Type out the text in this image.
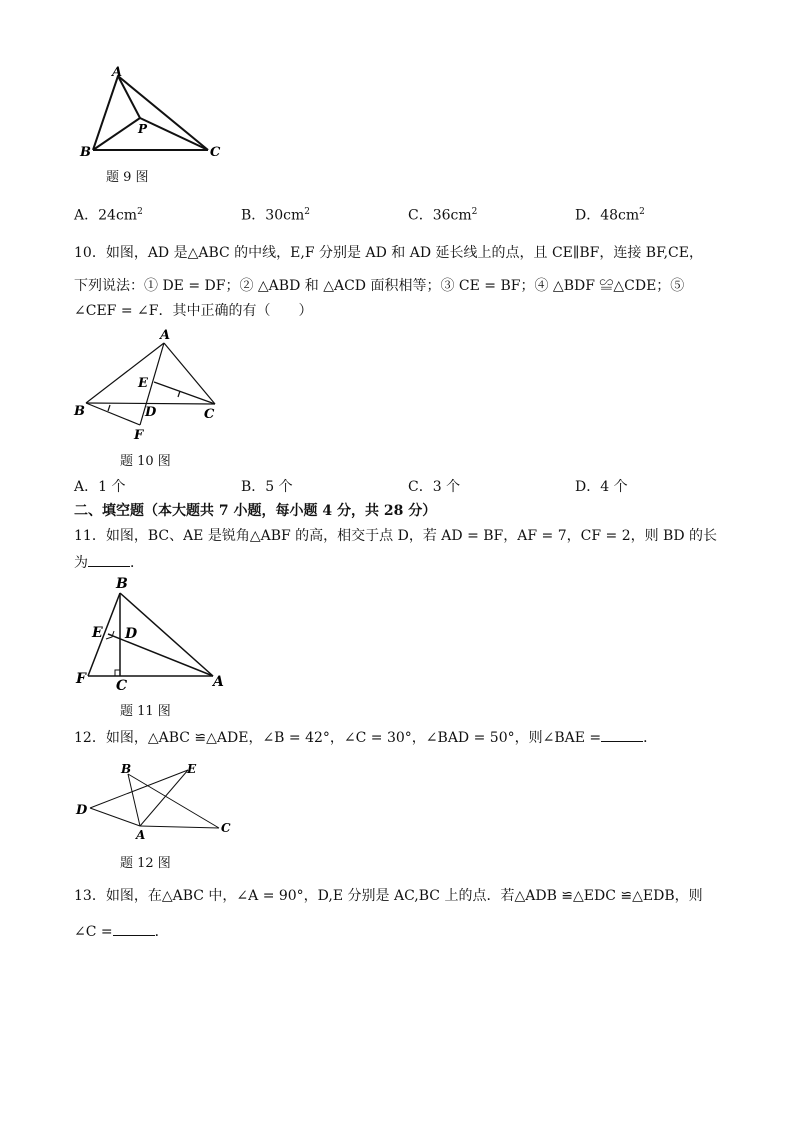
A
B	C
P
题 9 图
A．$24cm^2$	B．$30cm^2$	C．$36cm^2$	D．$48cm^2$
10．如图，AD 是△ABC 的中线，E,F 分别是 AD 和 AD 延长线上的点，且 CE∥BF，连接 BF,CE，
下列说法：① DE = DF；② △ABD 和 △ACD 面积相等；③ CE = BF；④ △BDF ≌△CDE；⑤
∠CEF = ∠F．其中正确的有（　　）
A
B	C
D
E
F
题 10 图
A．1 个	B．5 个	C．3 个	D．4 个
二、填空题（本大题共 7 小题，每小题 4 分，共 28 分）
11．如图，BC、AE 是锐角△ABF 的高，相交于点 D，若 AD = BF，AF = 7，CF = 2，则 BD 的长
为	．
B
E D
F C	A
题 11 图
12．如图，△ABC ≌△ADE，∠B = 42°，∠C = 30°，∠BAD = 50°，则∠BAE =	．
B	E
D
A	C
题 12 图
13．如图，在△ABC 中，∠A = 90°，D,E 分别是 AC,BC 上的点．若△ADB ≌△EDC ≌△EDB，则
∠C =	．
